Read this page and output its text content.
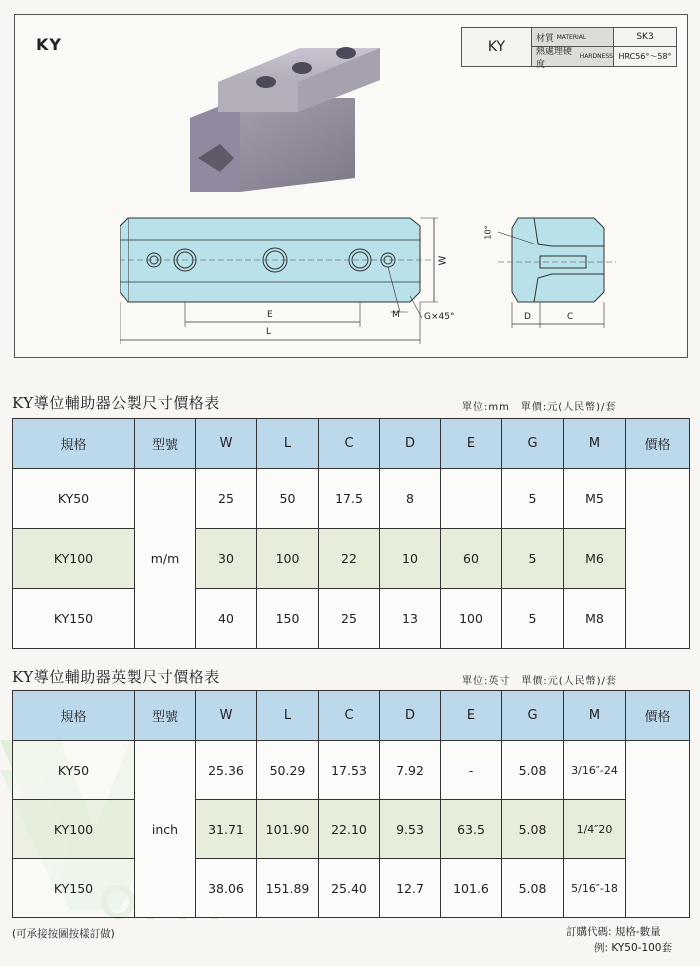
KY	KY
材質
MATERIAL	SK3
熱處理硬度

HARDNESS HRC56°～58°
W
E
L
M	G×45°
10°
D	C
KY導位輔助器公製尺寸價格表	單位:mm　單價:元(人民幣)/套
規格	型號	W	L	C	D	E	G	M	價格
KY50	m/m	25	50	17.5	8		5	M5	
KY100		30	100	22	10	60	5	M6	
KY150		40	150	25	13	100	5	M8	
KY導位輔助器英製尺寸價格表	單位:英寸　單價:元(人民幣)/套
規格	型號	W	L	C	D	E	G	M	價格
KY50	inch	25.36	50.29	17.53	7.92	-	5.08	3/16″-24	
KY100		31.71	101.90	22.10	9.53	63.5	5.08	1/4″20	
KY150		38.06	151.89	25.40	12.7	101.6	5.08	5/16″-18	
(可承接按圖按樣訂做)	訂購代碼: 規格-數量
例: KY50-100套
